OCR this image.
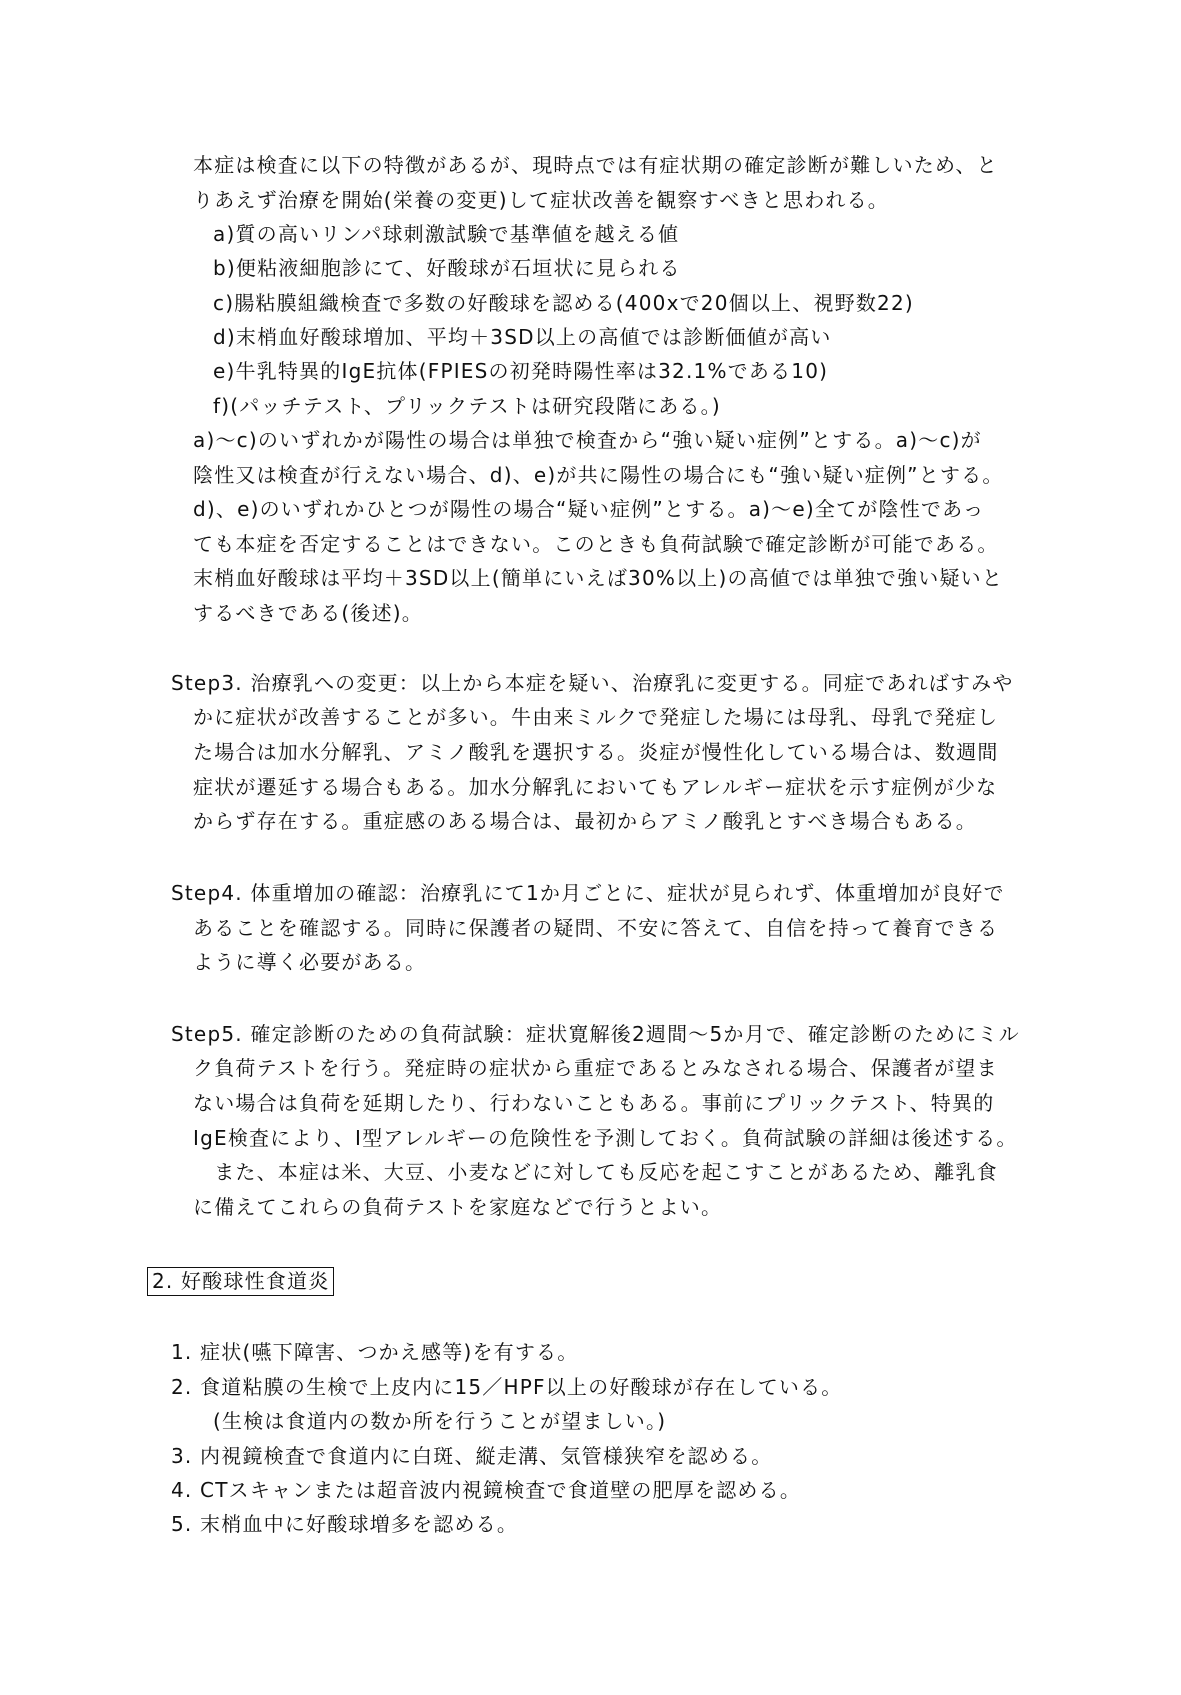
本症は検査に以下の特徴があるが、現時点では有症状期の確定診断が難しいため、と
りあえず治療を開始(栄養の変更)して症状改善を観察すべきと思われる。
a)質の高いリンパ球刺激試験で基準値を越える値
b)便粘液細胞診にて、好酸球が石垣状に見られる
c)腸粘膜組織検査で多数の好酸球を認める(400xで20個以上、視野数22)
d)末梢血好酸球増加、平均＋3SD以上の高値では診断価値が高い
e)牛乳特異的IgE抗体(FPIESの初発時陽性率は32.1%である10)
f)(パッチテスト、プリックテストは研究段階にある。)
a)～c)のいずれかが陽性の場合は単独で検査から“強い疑い症例”とする。a)～c)が
陰性又は検査が行えない場合、d)、e)が共に陽性の場合にも“強い疑い症例”とする。
d)、e)のいずれかひとつが陽性の場合“疑い症例”とする。a)～e)全てが陰性であっ
ても本症を否定することはできない。このときも負荷試験で確定診断が可能である。
末梢血好酸球は平均＋3SD以上(簡単にいえば30%以上)の高値では単独で強い疑いと
するべきである(後述)。
Step3. 治療乳への変更：以上から本症を疑い、治療乳に変更する。同症であればすみや
かに症状が改善することが多い。牛由来ミルクで発症した場には母乳、母乳で発症し
た場合は加水分解乳、アミノ酸乳を選択する。炎症が慢性化している場合は、数週間
症状が遷延する場合もある。加水分解乳においてもアレルギー症状を示す症例が少な
からず存在する。重症感のある場合は、最初からアミノ酸乳とすべき場合もある。
Step4. 体重増加の確認：治療乳にて1か月ごとに、症状が見られず、体重増加が良好で
あることを確認する。同時に保護者の疑問、不安に答えて、自信を持って養育できる
ように導く必要がある。
Step5. 確定診断のための負荷試験：症状寛解後2週間～5か月で、確定診断のためにミル
ク負荷テストを行う。発症時の症状から重症であるとみなされる場合、保護者が望ま
ない場合は負荷を延期したり、行わないこともある。事前にプリックテスト、特異的
IgE検査により、I型アレルギーの危険性を予測しておく。負荷試験の詳細は後述する。
　また、本症は米、大豆、小麦などに対しても反応を起こすことがあるため、離乳食
に備えてこれらの負荷テストを家庭などで行うとよい。
2. 好酸球性食道炎
1. 症状(嚥下障害、つかえ感等)を有する。
2. 食道粘膜の生検で上皮内に15／HPF以上の好酸球が存在している。
(生検は食道内の数か所を行うことが望ましい。)
3. 内視鏡検査で食道内に白斑、縦走溝、気管様狭窄を認める。
4. CTスキャンまたは超音波内視鏡検査で食道壁の肥厚を認める。
5. 末梢血中に好酸球増多を認める。
